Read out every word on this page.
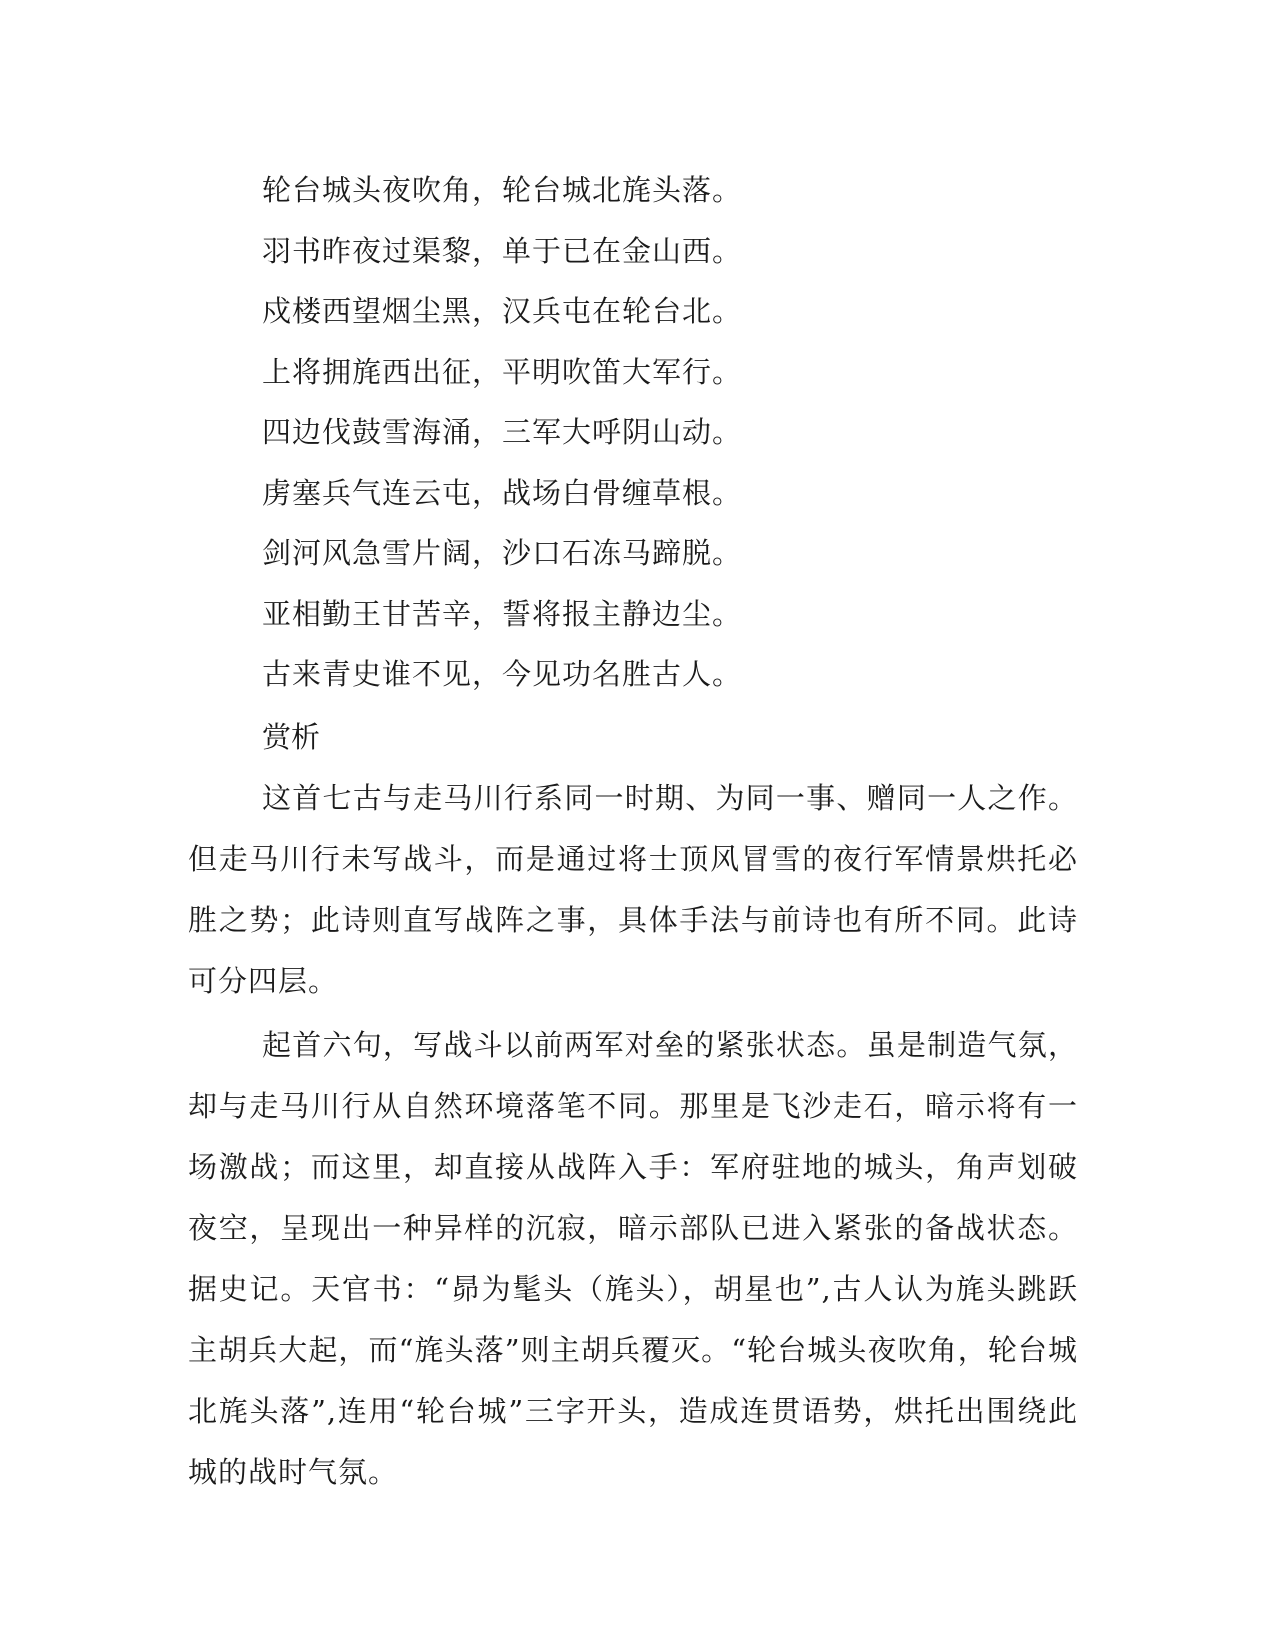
轮台城头夜吹角，轮台城北旄头落。
羽书昨夜过渠黎，单于已在金山西。
戍楼西望烟尘黑，汉兵屯在轮台北。
上将拥旄西出征，平明吹笛大军行。
四边伐鼓雪海涌，三军大呼阴山动。
虏塞兵气连云屯，战场白骨缠草根。
剑河风急雪片阔，沙口石冻马蹄脱。
亚相勤王甘苦辛，誓将报主静边尘。
古来青史谁不见，今见功名胜古人。
赏析

这首七古与走马川行系同一时期、为同一事、赠同一人之作。但走马川行未写战斗，而是通过将士顶风冒雪的夜行军情景烘托必胜之势；此诗则直写战阵之事，具体手法与前诗也有所不同。此诗可分四层。

起首六句，写战斗以前两军对垒的紧张状态。虽是制造气氛，却与走马川行从自然环境落笔不同。那里是飞沙走石，暗示将有一场激战；而这里，却直接从战阵入手：军府驻地的城头，角声划破夜空，呈现出一种异样的沉寂，暗示部队已进入紧张的备战状态。据史记。天官书：“昴为髦头（旄头），胡星也”,古人认为旄头跳跃主胡兵大起，而“旄头落”则主胡兵覆灭。“轮台城头夜吹角，轮台城北旄头落”,连用“轮台城”三字开头，造成连贯语势，烘托出围绕此城的战时气氛。
